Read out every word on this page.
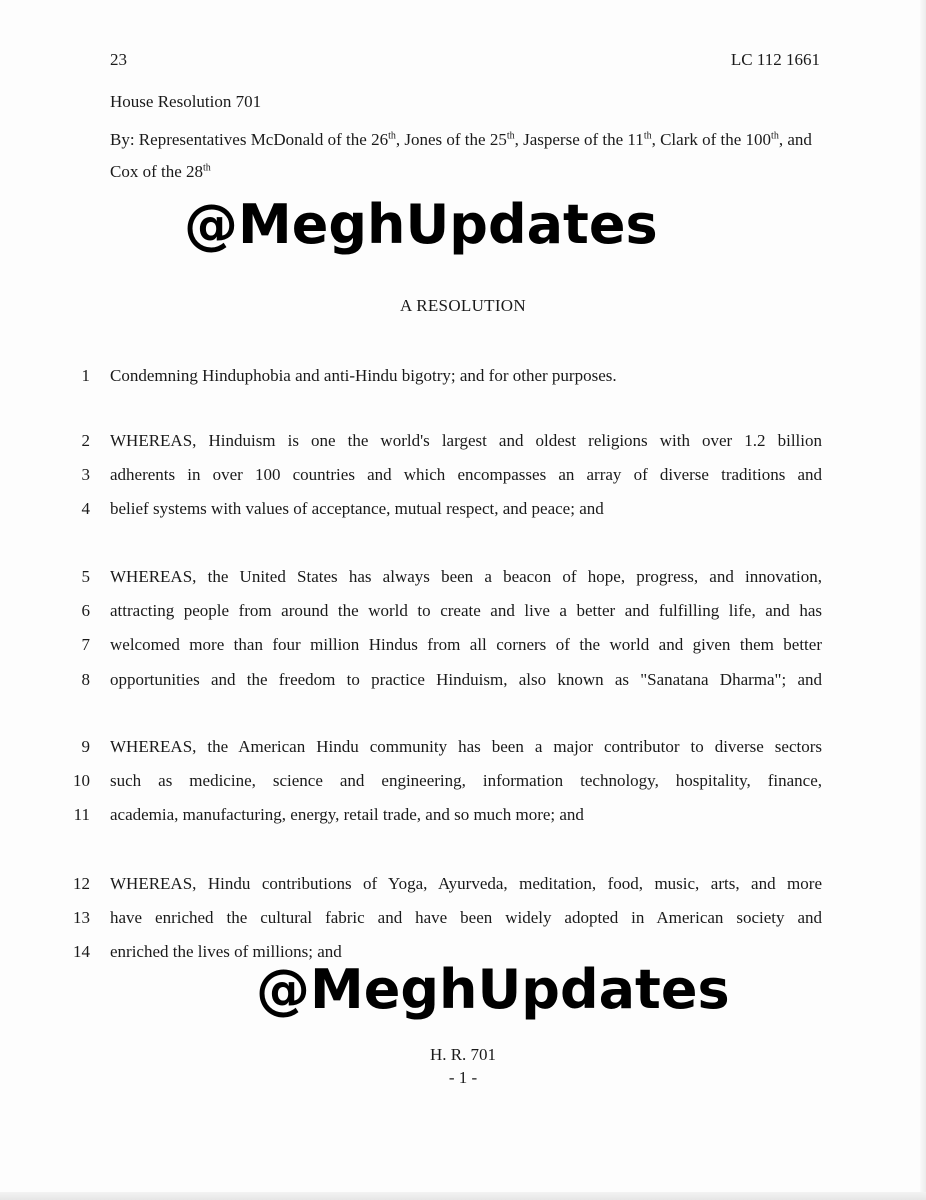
23	LC 112 1661
House Resolution 701
By: Representatives McDonald of the 26th, Jones of the 25th, Jasperse of the 11th, Clark of the 100th, and Cox of the 28th
@MeghUpdates
A RESOLUTION
1 Condemning Hinduphobia and anti-Hindu bigotry; and for other purposes.
2 WHEREAS, Hinduism is one the world's largest and oldest religions with over 1.2 billion
3 adherents in over 100 countries and which encompasses an array of diverse traditions and
4 belief systems with values of acceptance, mutual respect, and peace; and
5 WHEREAS, the United States has always been a beacon of hope, progress, and innovation,
6 attracting people from around the world to create and live a better and fulfilling life, and has
7 welcomed more than four million Hindus from all corners of the world and given them better
8 opportunities and the freedom to practice Hinduism, also known as "Sanatana Dharma"; and
9 WHEREAS, the American Hindu community has been a major contributor to diverse sectors
10 such as medicine, science and engineering, information technology, hospitality, finance,
11 academia, manufacturing, energy, retail trade, and so much more; and
12 WHEREAS, Hindu contributions of Yoga, Ayurveda, meditation, food, music, arts, and more
13 have enriched the cultural fabric and have been widely adopted in American society and
14 enriched the lives of millions; and
@MeghUpdates
H. R. 701
- 1 -
